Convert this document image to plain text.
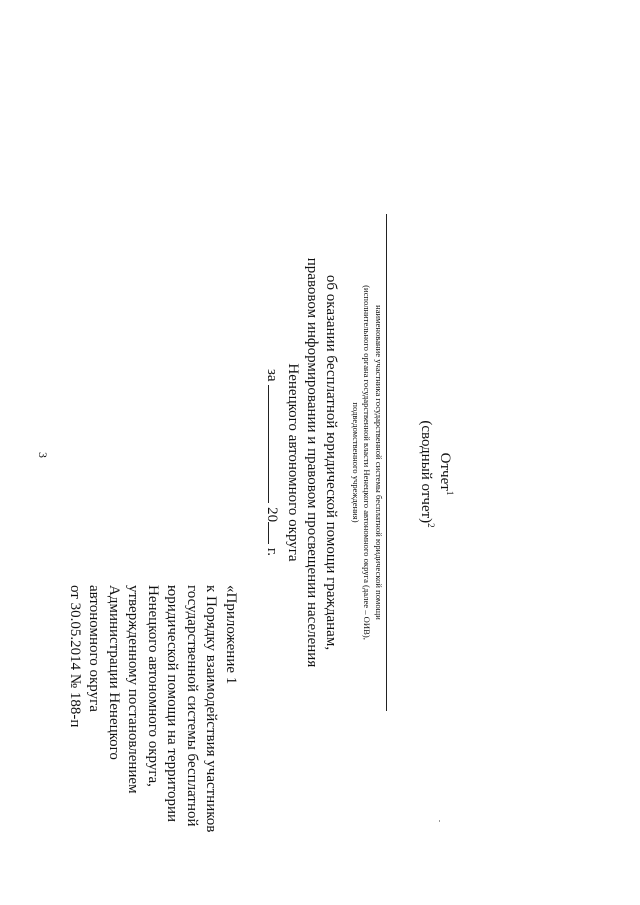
3
«Приложение 1
к Порядку взаимодействия участников
государственной системы бесплатной
юридической помощи на территории
Ненецкого автономного округа,
утвержденному постановлением
Администрации Ненецкого
автономного округа
от 30.05.2014 № 188-п
Отчет$^1$
(сводный отчет)$^2$
наименование участника государственной системы бесплатной юридической помощи
(исполнительного органа государственной власти Ненецкого автономного округа (далее – ОИВ),
подведомственного учреждения)
об оказании бесплатной юридической помощи гражданам,
правовом информировании и правовом просвещении населения
Ненецкого автономного округа
за  20 г.
